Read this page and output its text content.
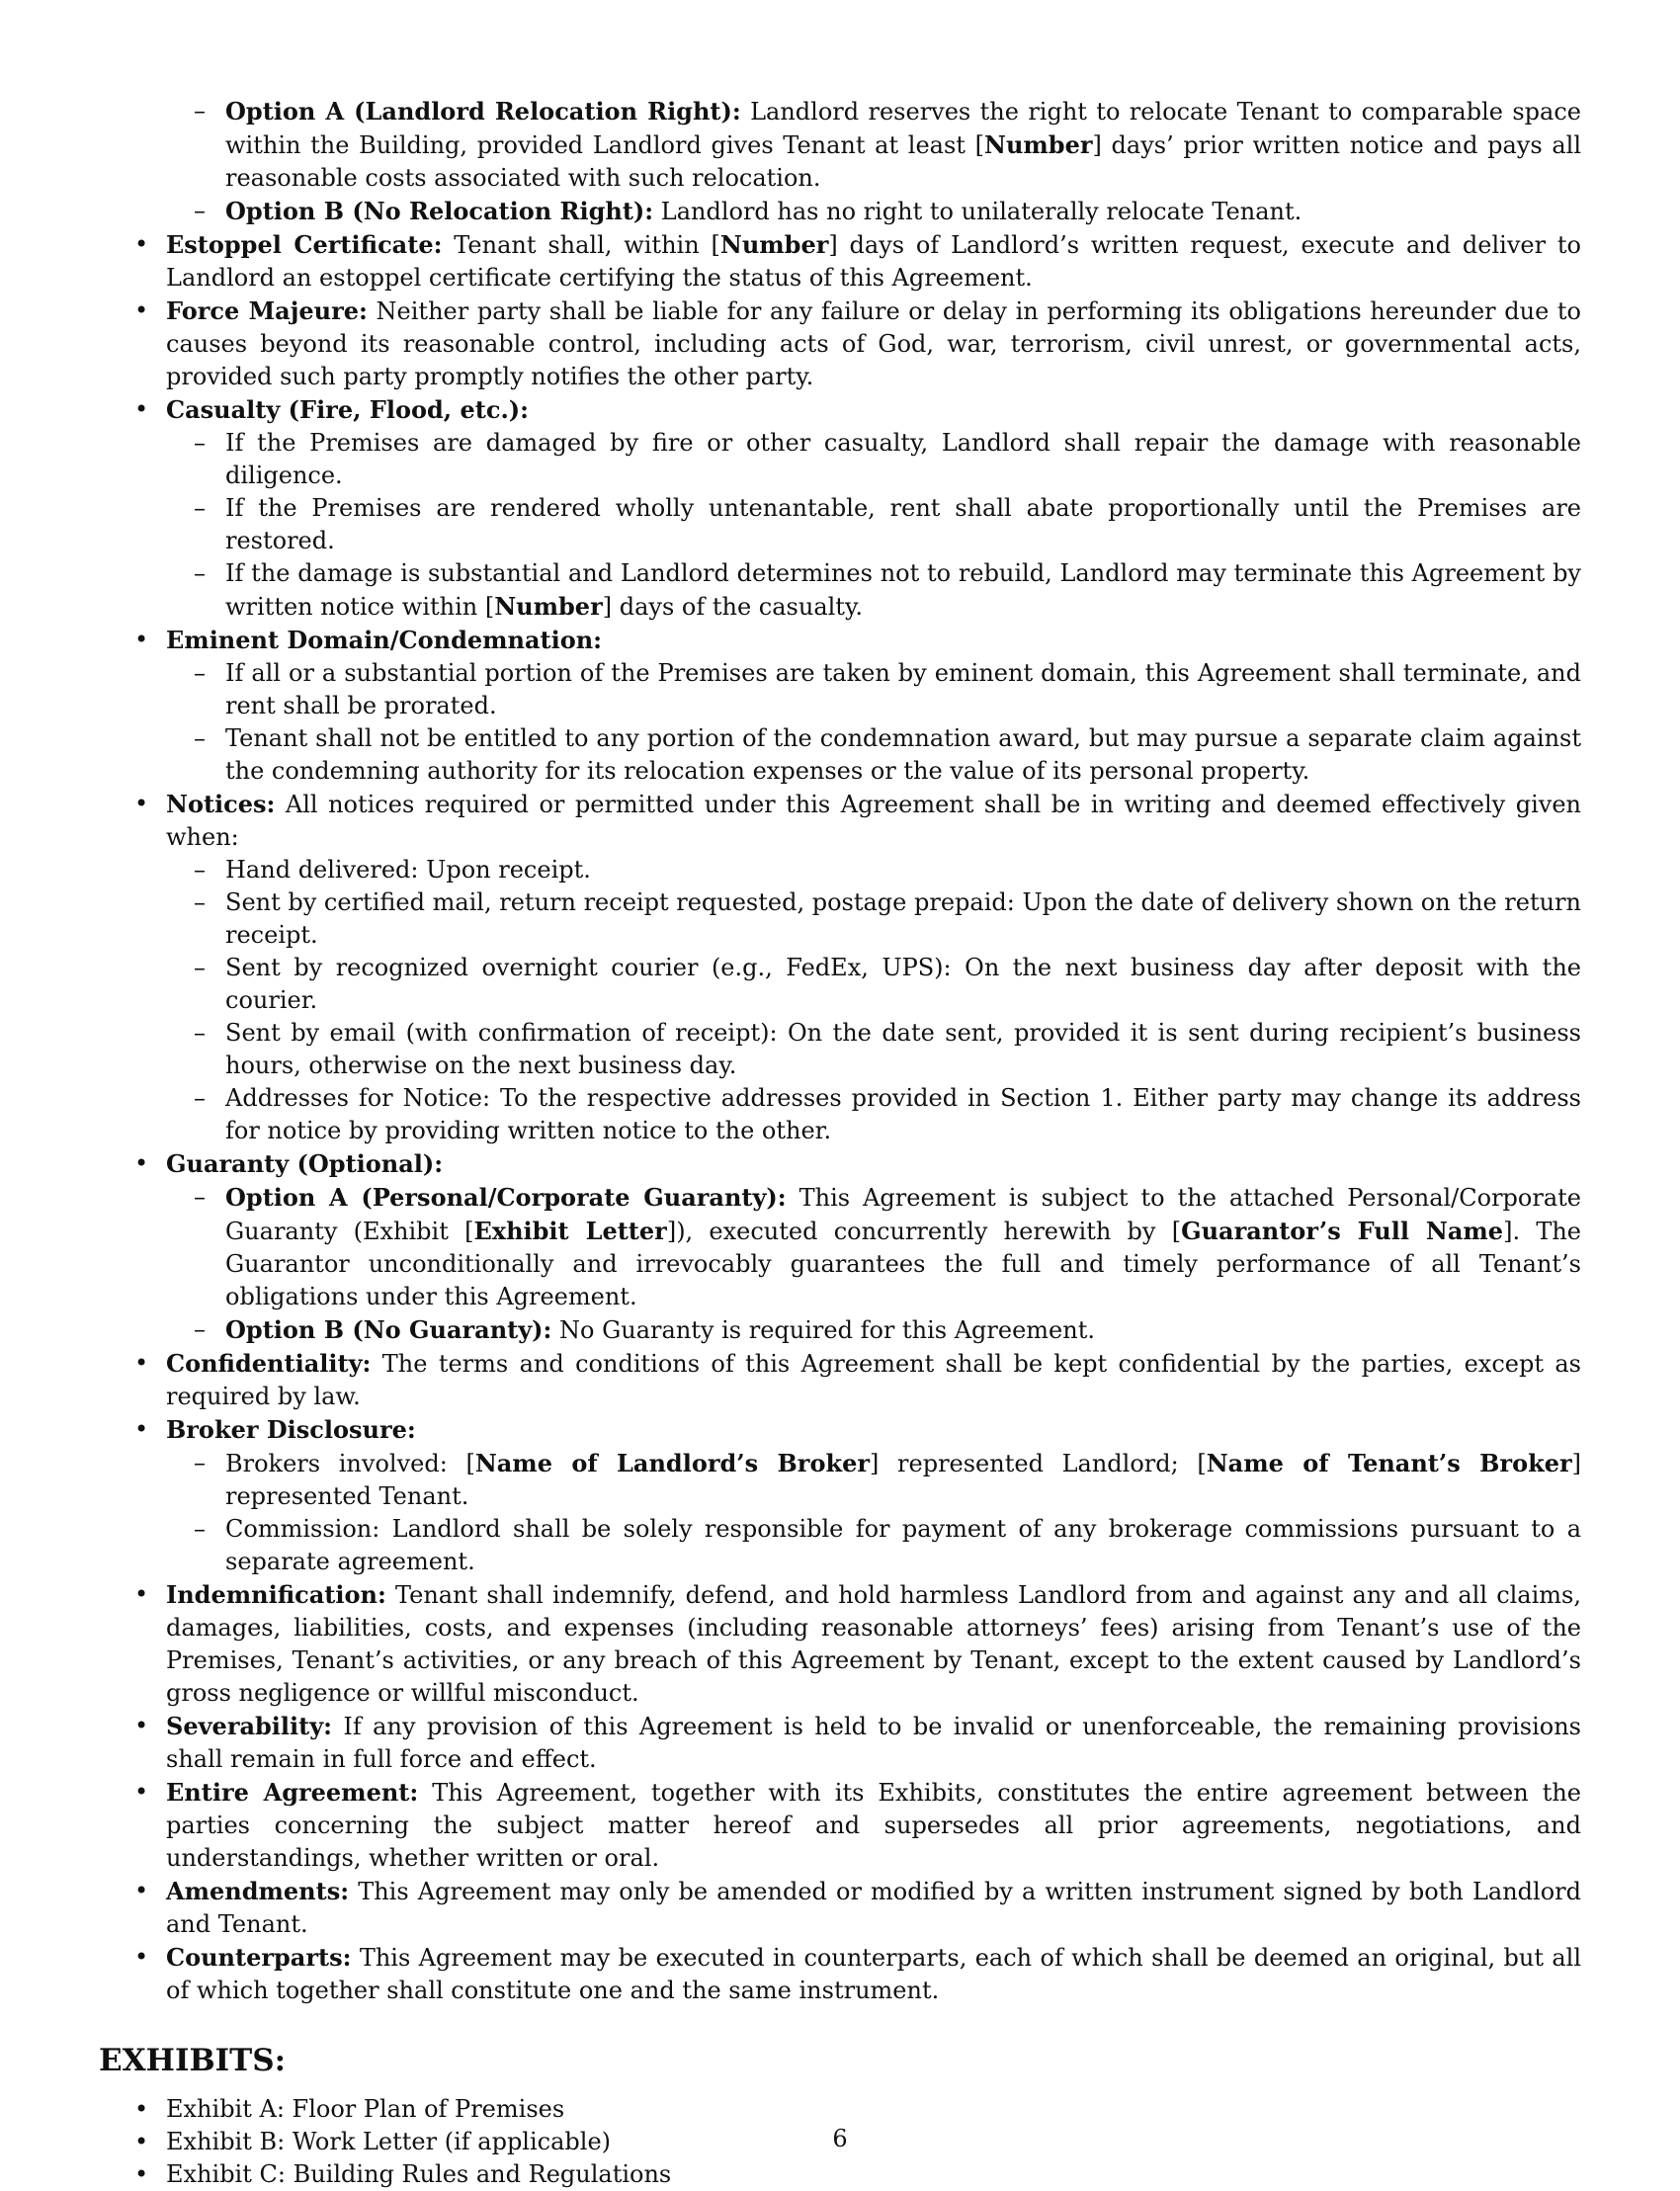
– Option A (Landlord Relocation Right): Landlord reserves the right to relocate Tenant to comparable space within the Building, provided Landlord gives Tenant at least [Number] days’ prior written notice and pays all reasonable costs associated with such relocation.
– Option B (No Relocation Right): Landlord has no right to unilaterally relocate Tenant.
• Estoppel Certificate: Tenant shall, within [Number] days of Landlord’s written request, execute and deliver to Landlord an estoppel certificate certifying the status of this Agreement.
• Force Majeure: Neither party shall be liable for any failure or delay in performing its obligations hereunder due to causes beyond its reasonable control, including acts of God, war, terrorism, civil unrest, or governmental acts, provided such party promptly notifies the other party.
• Casualty (Fire, Flood, etc.):
– If the Premises are damaged by fire or other casualty, Landlord shall repair the damage with reasonable diligence.
– If the Premises are rendered wholly untenantable, rent shall abate proportionally until the Premises are restored.
– If the damage is substantial and Landlord determines not to rebuild, Landlord may terminate this Agreement by written notice within [Number] days of the casualty.
• Eminent Domain/Condemnation:
– If all or a substantial portion of the Premises are taken by eminent domain, this Agreement shall terminate, and rent shall be prorated.
– Tenant shall not be entitled to any portion of the condemnation award, but may pursue a separate claim against the condemning authority for its relocation expenses or the value of its personal property.
• Notices: All notices required or permitted under this Agreement shall be in writing and deemed effectively given when:
– Hand delivered: Upon receipt.
– Sent by certified mail, return receipt requested, postage prepaid: Upon the date of delivery shown on the return receipt.
– Sent by recognized overnight courier (e.g., FedEx, UPS): On the next business day after deposit with the courier.
– Sent by email (with confirmation of receipt): On the date sent, provided it is sent during recipient’s business hours, otherwise on the next business day.
– Addresses for Notice: To the respective addresses provided in Section 1. Either party may change its address for notice by providing written notice to the other.
• Guaranty (Optional):
– Option A (Personal/Corporate Guaranty): This Agreement is subject to the attached Personal/Corporate Guaranty (Exhibit [Exhibit Letter]), executed concurrently herewith by [Guarantor’s Full Name]. The Guarantor unconditionally and irrevocably guarantees the full and timely performance of all Tenant’s obligations under this Agreement.
– Option B (No Guaranty): No Guaranty is required for this Agreement.
• Confidentiality: The terms and conditions of this Agreement shall be kept confidential by the parties, except as required by law.
• Broker Disclosure:
– Brokers involved: [Name of Landlord’s Broker] represented Landlord; [Name of Tenant’s Broker] represented Tenant.
– Commission: Landlord shall be solely responsible for payment of any brokerage commissions pursuant to a separate agreement.
• Indemnification: Tenant shall indemnify, defend, and hold harmless Landlord from and against any and all claims, damages, liabilities, costs, and expenses (including reasonable attorneys’ fees) arising from Tenant’s use of the Premises, Tenant’s activities, or any breach of this Agreement by Tenant, except to the extent caused by Landlord’s gross negligence or willful misconduct.
• Severability: If any provision of this Agreement is held to be invalid or unenforceable, the remaining provisions shall remain in full force and effect.
• Entire Agreement: This Agreement, together with its Exhibits, constitutes the entire agreement between the parties concerning the subject matter hereof and supersedes all prior agreements, negotiations, and understandings, whether written or oral.
• Amendments: This Agreement may only be amended or modified by a written instrument signed by both Landlord and Tenant.
• Counterparts: This Agreement may be executed in counterparts, each of which shall be deemed an original, but all of which together shall constitute one and the same instrument.
EXHIBITS:
• Exhibit A: Floor Plan of Premises
• Exhibit B: Work Letter (if applicable)
• Exhibit C: Building Rules and Regulations
6
